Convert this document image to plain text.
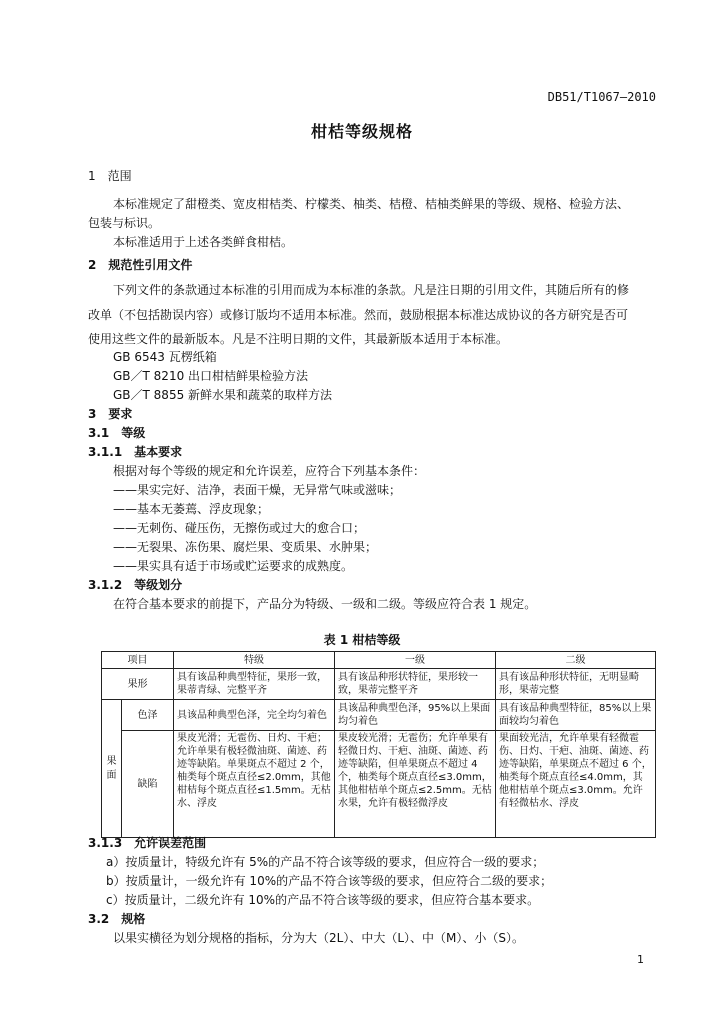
DB51/T1067—2010
柑桔等级规格
1　范围
本标准规定了甜橙类、宽皮柑桔类、柠檬类、柚类、桔橙、桔柚类鲜果的等级、规格、检验方法、
包装与标识。
本标准适用于上述各类鲜食柑桔。
2　规范性引用文件
下列文件的条款通过本标准的引用而成为本标准的条款。凡是注日期的引用文件，其随后所有的修
改单（不包括勘误内容）或修订版均不适用本标准。然而，鼓励根据本标准达成协议的各方研究是否可
使用这些文件的最新版本。凡是不注明日期的文件，其最新版本适用于本标准。
GB 6543 瓦楞纸箱
GB／T 8210 出口柑桔鲜果检验方法
GB／T 8855 新鲜水果和蔬菜的取样方法
3　要求
3.1　等级
3.1.1　基本要求
根据对每个等级的规定和允许误差，应符合下列基本条件：
——果实完好、洁净，表面干燥，无异常气味或滋味；
——基本无萎蔫、浮皮现象；
——无刺伤、碰压伤，无擦伤或过大的愈合口；
——无裂果、冻伤果、腐烂果、变质果、水肿果；
——果实具有适于市场或贮运要求的成熟度。
3.1.2　等级划分
在符合基本要求的前提下，产品分为特级、一级和二级。等级应符合表 1 规定。
表 1 柑桔等级
项目		特级	一级	二级
果形		具有该品种典型特征，果形一致，果蒂青绿、完整平齐	具有该品种形状特征，果形较一致，果蒂完整平齐	具有该品种形状特征，无明显畸形，果蒂完整

果面	色泽	具该品种典型色泽，完全均匀着色	具该品种典型色泽，95%以上果面均匀着色	具有该品种典型特征，85%以上果面较均匀着色
	缺陷	果皮光滑；无雹伤、日灼、干疤；允许单果有极轻微油斑、菌迹、药迹等缺陷。单果斑点不超过 2 个，柚类每个斑点直径≤2.0mm，其他柑桔每个斑点直径≤1.5mm。无枯水、浮皮	果皮较光滑；无雹伤；允许单果有轻微日灼、干疤、油斑、菌迹、药迹等缺陷，但单果斑点不超过 4 个，柚类每个斑点直径≤3.0mm，其他柑桔单个斑点≤2.5mm。无枯水果，允许有极轻微浮皮	果面较光洁，允许单果有轻微雹伤、日灼、干疤、油斑、菌迹、药迹等缺陷，单果斑点不超过 6 个，柚类每个斑点直径≤4.0mm，其他柑桔单个斑点≤3.0mm。允许有轻微枯水、浮皮
3.1.3　允许误差范围
a）按质量计，特级允许有 5%的产品不符合该等级的要求，但应符合一级的要求；
b）按质量计，一级允许有 10%的产品不符合该等级的要求，但应符合二级的要求；
c）按质量计，二级允许有 10%的产品不符合该等级的要求，但应符合基本要求。
3.2　规格
以果实横径为划分规格的指标，分为大（2L）、中大（L）、中（M）、小（S）。
1
